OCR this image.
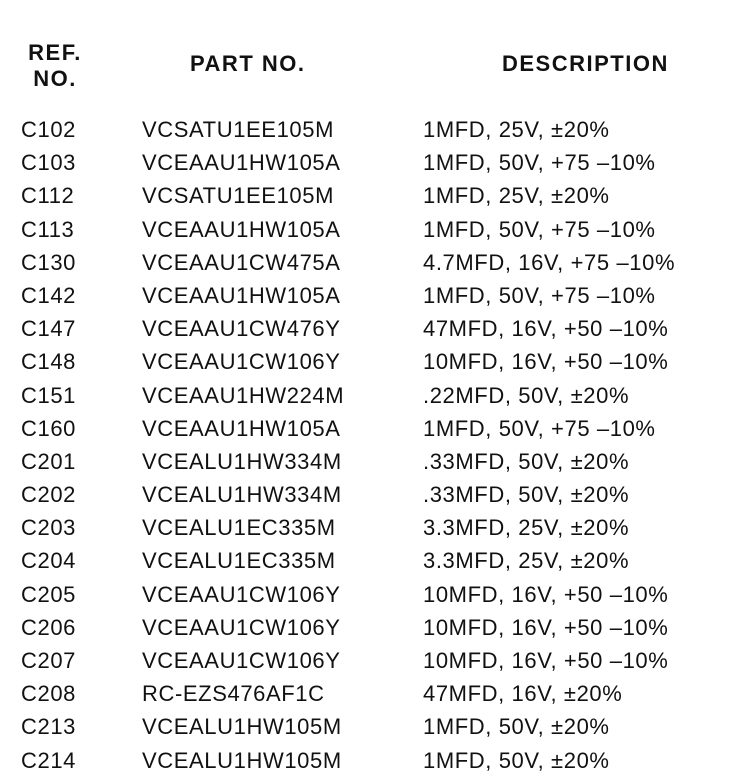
REF.
NO.
PART NO.	DESCRIPTION
C102	VCSATU1EE105M	1MFD, 25V, ±20%
C103	VCEAAU1HW105A	1MFD, 50V, +75 –10%
C112	VCSATU1EE105M	1MFD, 25V, ±20%
C113	VCEAAU1HW105A	1MFD, 50V, +75 –10%
C130	VCEAAU1CW475A	4.7MFD, 16V, +75 –10%
C142	VCEAAU1HW105A	1MFD, 50V, +75 –10%
C147	VCEAAU1CW476Y	47MFD, 16V, +50 –10%
C148	VCEAAU1CW106Y	10MFD, 16V, +50 –10%
C151	VCEAAU1HW224M	.22MFD, 50V, ±20%
C160	VCEAAU1HW105A	1MFD, 50V, +75 –10%
C201	VCEALU1HW334M	.33MFD, 50V, ±20%
C202	VCEALU1HW334M	.33MFD, 50V, ±20%
C203	VCEALU1EC335M	3.3MFD, 25V, ±20%
C204	VCEALU1EC335M	3.3MFD, 25V, ±20%
C205	VCEAAU1CW106Y	10MFD, 16V, +50 –10%
C206	VCEAAU1CW106Y	10MFD, 16V, +50 –10%
C207	VCEAAU1CW106Y	10MFD, 16V, +50 –10%
C208	RC-EZS476AF1C	47MFD, 16V, ±20%
C213	VCEALU1HW105M	1MFD, 50V, ±20%
C214	VCEALU1HW105M	1MFD, 50V, ±20%
